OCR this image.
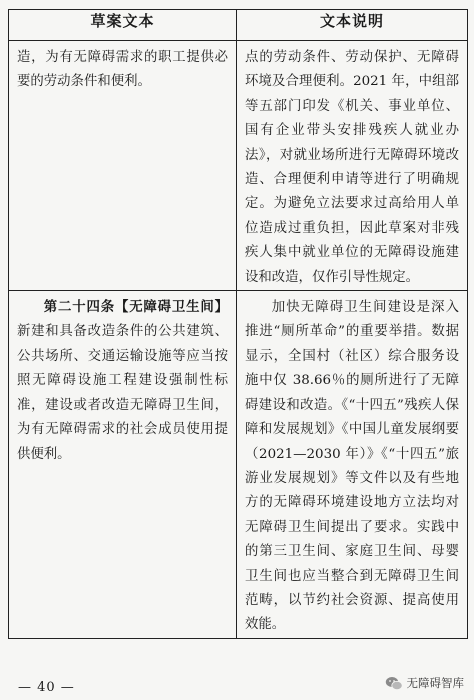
草案文本	文本说明
造，为有无障碍需求的职工提供必要的劳动条件和便利。	点的劳动条件、劳动保护、无障碍环境及合理便利。2021 年，中组部等五部门印发《机关、事业单位、国有企业带头安排残疾人就业办法》，对就业场所进行无障碍环境改造、合理便利申请等进行了明确规定。为避免立法要求过高给用人单位造成过重负担，因此草案对非残疾人集中就业单位的无障碍设施建设和改造，仅作引导性规定。

第二十四条【无障碍卫生间】新建和具备改造条件的公共建筑、公共场所、交通运输设施等应当按照无障碍设施工程建设强制性标准，建设或者改造无障碍卫生间，为有无障碍需求的社会成员使用提供便利。	加快无障碍卫生间建设是深入推进“厕所革命”的重要举措。数据显示，全国村（社区）综合服务设施中仅 38.66％的厕所进行了无障碍建设和改造。《“十四五”残疾人保障和发展规划》《中国儿童发展纲要（2021—2030 年）》《“十四五”旅游业发展规划》等文件以及有些地方的无障碍环境建设地方立法均对无障碍卫生间提出了要求。实践中的第三卫生间、家庭卫生间、母婴卫生间也应当整合到无障碍卫生间范畴，以节约社会资源、提高使用效能。
— 40 —	无障碍智库
